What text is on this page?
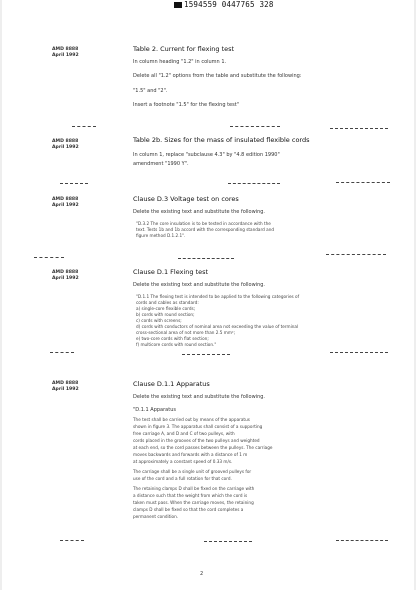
1594559 0447765 328
AMD 8888
April 1992
Table 2. Current for flexing test
In column heading "1.2" in column 1.
Delete all "1.2" options from the table and substitute the following:
"1.5" and "2".
Insert a footnote "1.5" for the flexing test"
AMD 8888
April 1992
Table 2b. Sizes for the mass of insulated flexible cords
In column 1, replace "subclause 4.3" by "4.8 edition 1990"
amendment "1990 Y".
AMD 8888
April 1992
Clause D.3 Voltage test on cores
Delete the existing text and substitute the following.
"D.3.2 The core insulation is to be tested in accordance with the
text. Tests 1b and 1b accord with the corresponding standard and
figure method D.1.2.1".
AMD 8888
April 1992
Clause D.1 Flexing test
Delete the existing text and substitute the following.
"D.1.1 The flexing test is intended to be applied to the following categories of
cords and cables as standard:
a) single-core flexible cords;
b) cords with round section;
c) cords with screens;
d) cords with conductors of nominal area not exceeding the value of terminal
cross-sectional area of not more than 2.5 mm²;
e) two-core cords with flat section;
f) multicore cords with round section."
AMD 8888
April 1992
Clause D.1.1 Apparatus
Delete the existing text and substitute the following.
"D.1.1 Apparatus
The test shall be carried out by means of the apparatus
shown in figure 3. The apparatus shall consist of a supporting
free carriage A, and D and C of two pulleys, with
cords placed in the grooves of the two pulleys and weighted
at each end, so the cord passes between the pulleys. The carriage
moves backwards and forwards with a distance of 1 m
at approximately a constant speed of 0.33 m/s.
The carriage shall be a single unit of grooved pulleys for
use of the cord and a full rotation for that cord.
The retaining clamps D shall be fixed on the carriage with
a distance such that the weight from which the cord is
taken must pass. When the carriage moves, the retaining
clamps D shall be fixed so that the cord completes a
permanent condition.
2
